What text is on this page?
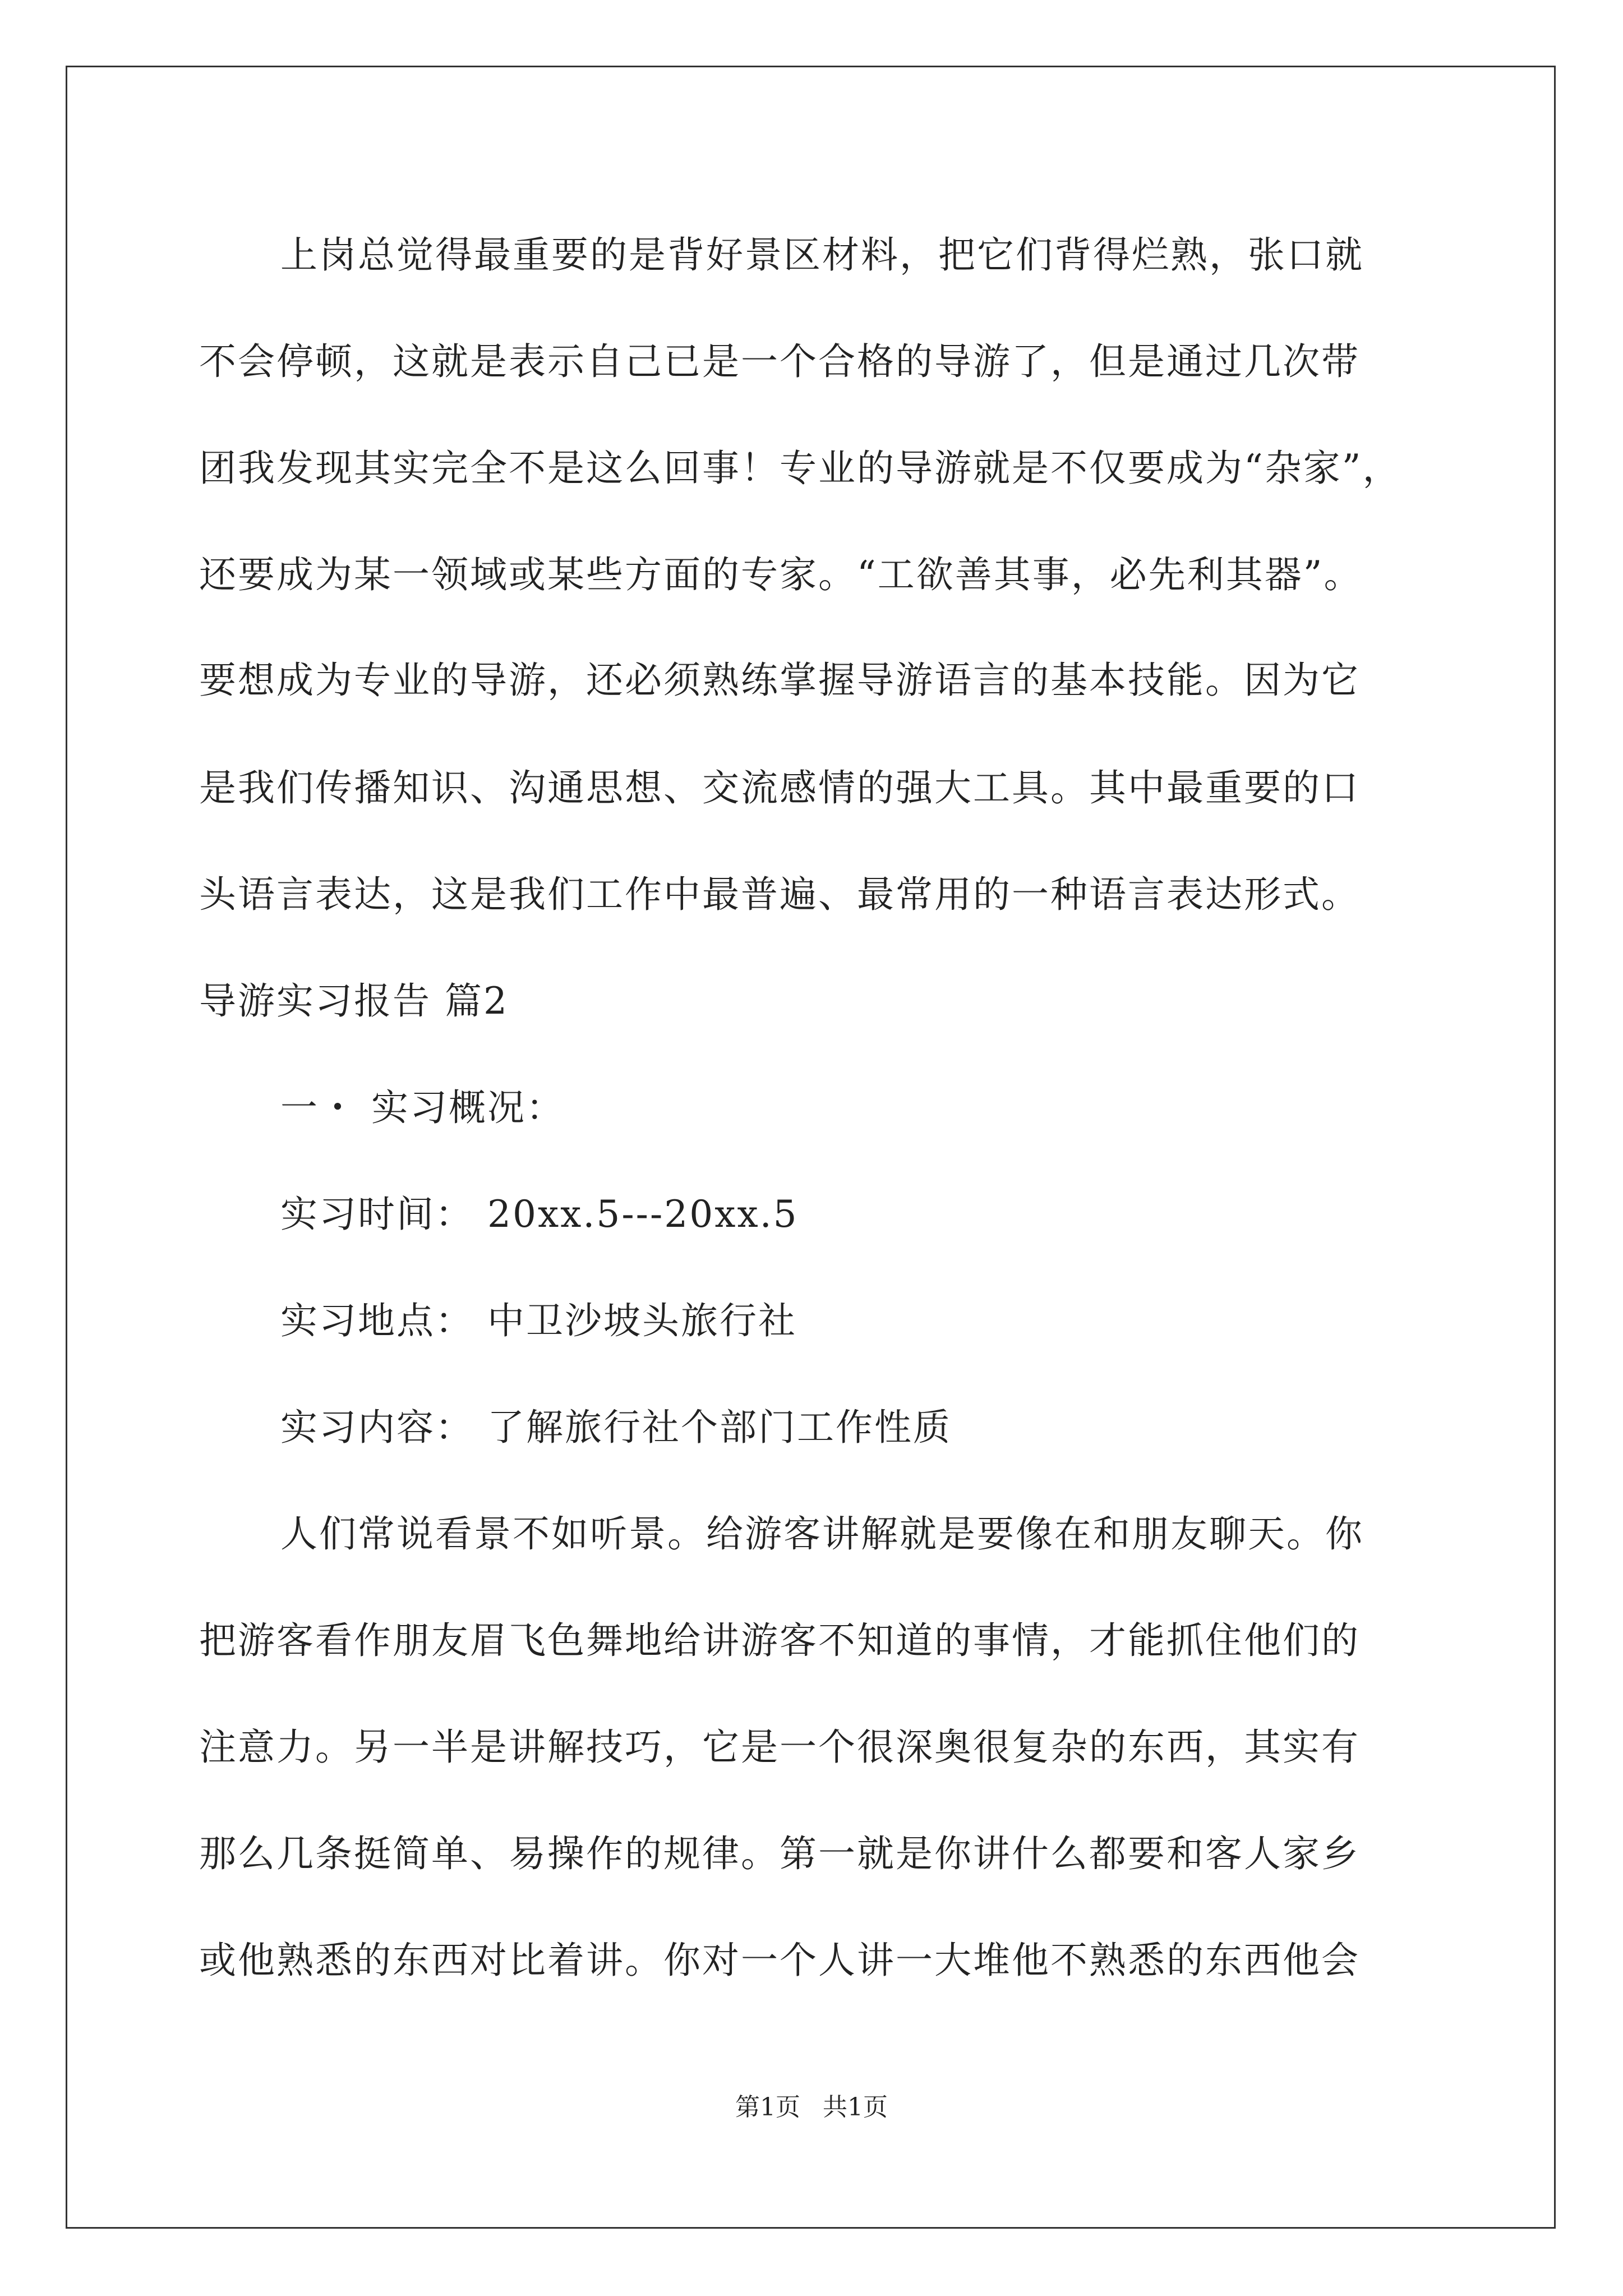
上岗总觉得最重要的是背好景区材料，把它们背得烂熟，张口就
不会停顿，这就是表示自己已是一个合格的导游了，但是通过几次带
团我发现其实完全不是这么回事！专业的导游就是不仅要成为“杂家”，
还要成为某一领域或某些方面的专家。“工欲善其事，必先利其器”。
要想成为专业的导游，还必须熟练掌握导游语言的基本技能。因为它
是我们传播知识、沟通思想、交流感情的强大工具。其中最重要的口
头语言表达，这是我们工作中最普遍、最常用的一种语言表达形式。
导游实习报告 篇2
一・ 实习概况：
实习时间： 20xx.5---20xx.5
实习地点： 中卫沙坡头旅行社
实习内容： 了解旅行社个部门工作性质
人们常说看景不如听景。给游客讲解就是要像在和朋友聊天。你
把游客看作朋友眉飞色舞地给讲游客不知道的事情，才能抓住他们的
注意力。另一半是讲解技巧，它是一个很深奥很复杂的东西，其实有
那么几条挺简单、易操作的规律。第一就是你讲什么都要和客人家乡
或他熟悉的东西对比着讲。你对一个人讲一大堆他不熟悉的东西他会
第1页 共1页
